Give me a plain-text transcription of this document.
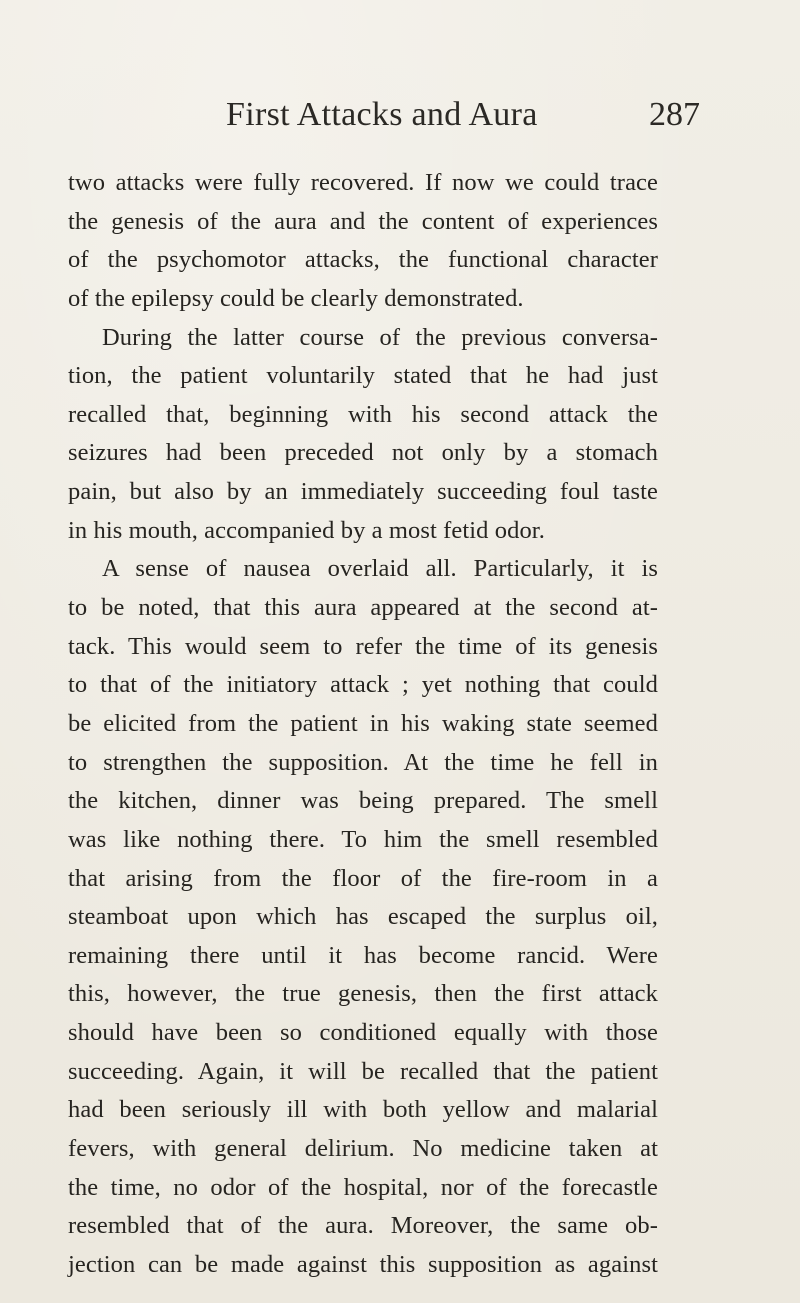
First Attacks and Aura	287
two attacks were fully recovered. If now we could trace
the genesis of the aura and the content of experiences
of the psychomotor attacks, the functional character
of the epilepsy could be clearly demonstrated.
During the latter course of the previous conversa-
tion, the patient voluntarily stated that he had just
recalled that, beginning with his second attack the
seizures had been preceded not only by a stomach
pain, but also by an immediately succeeding foul taste
in his mouth, accompanied by a most fetid odor.
A sense of nausea overlaid all. Particularly, it is
to be noted, that this aura appeared at the second at-
tack. This would seem to refer the time of its genesis
to that of the initiatory attack ; yet nothing that could
be elicited from the patient in his waking state seemed
to strengthen the supposition. At the time he fell in
the kitchen, dinner was being prepared. The smell
was like nothing there. To him the smell resembled
that arising from the floor of the fire-room in a
steamboat upon which has escaped the surplus oil,
remaining there until it has become rancid. Were
this, however, the true genesis, then the first attack
should have been so conditioned equally with those
succeeding. Again, it will be recalled that the patient
had been seriously ill with both yellow and malarial
fevers, with general delirium. No medicine taken at
the time, no odor of the hospital, nor of the forecastle
resembled that of the aura. Moreover, the same ob-
jection can be made against this supposition as against
